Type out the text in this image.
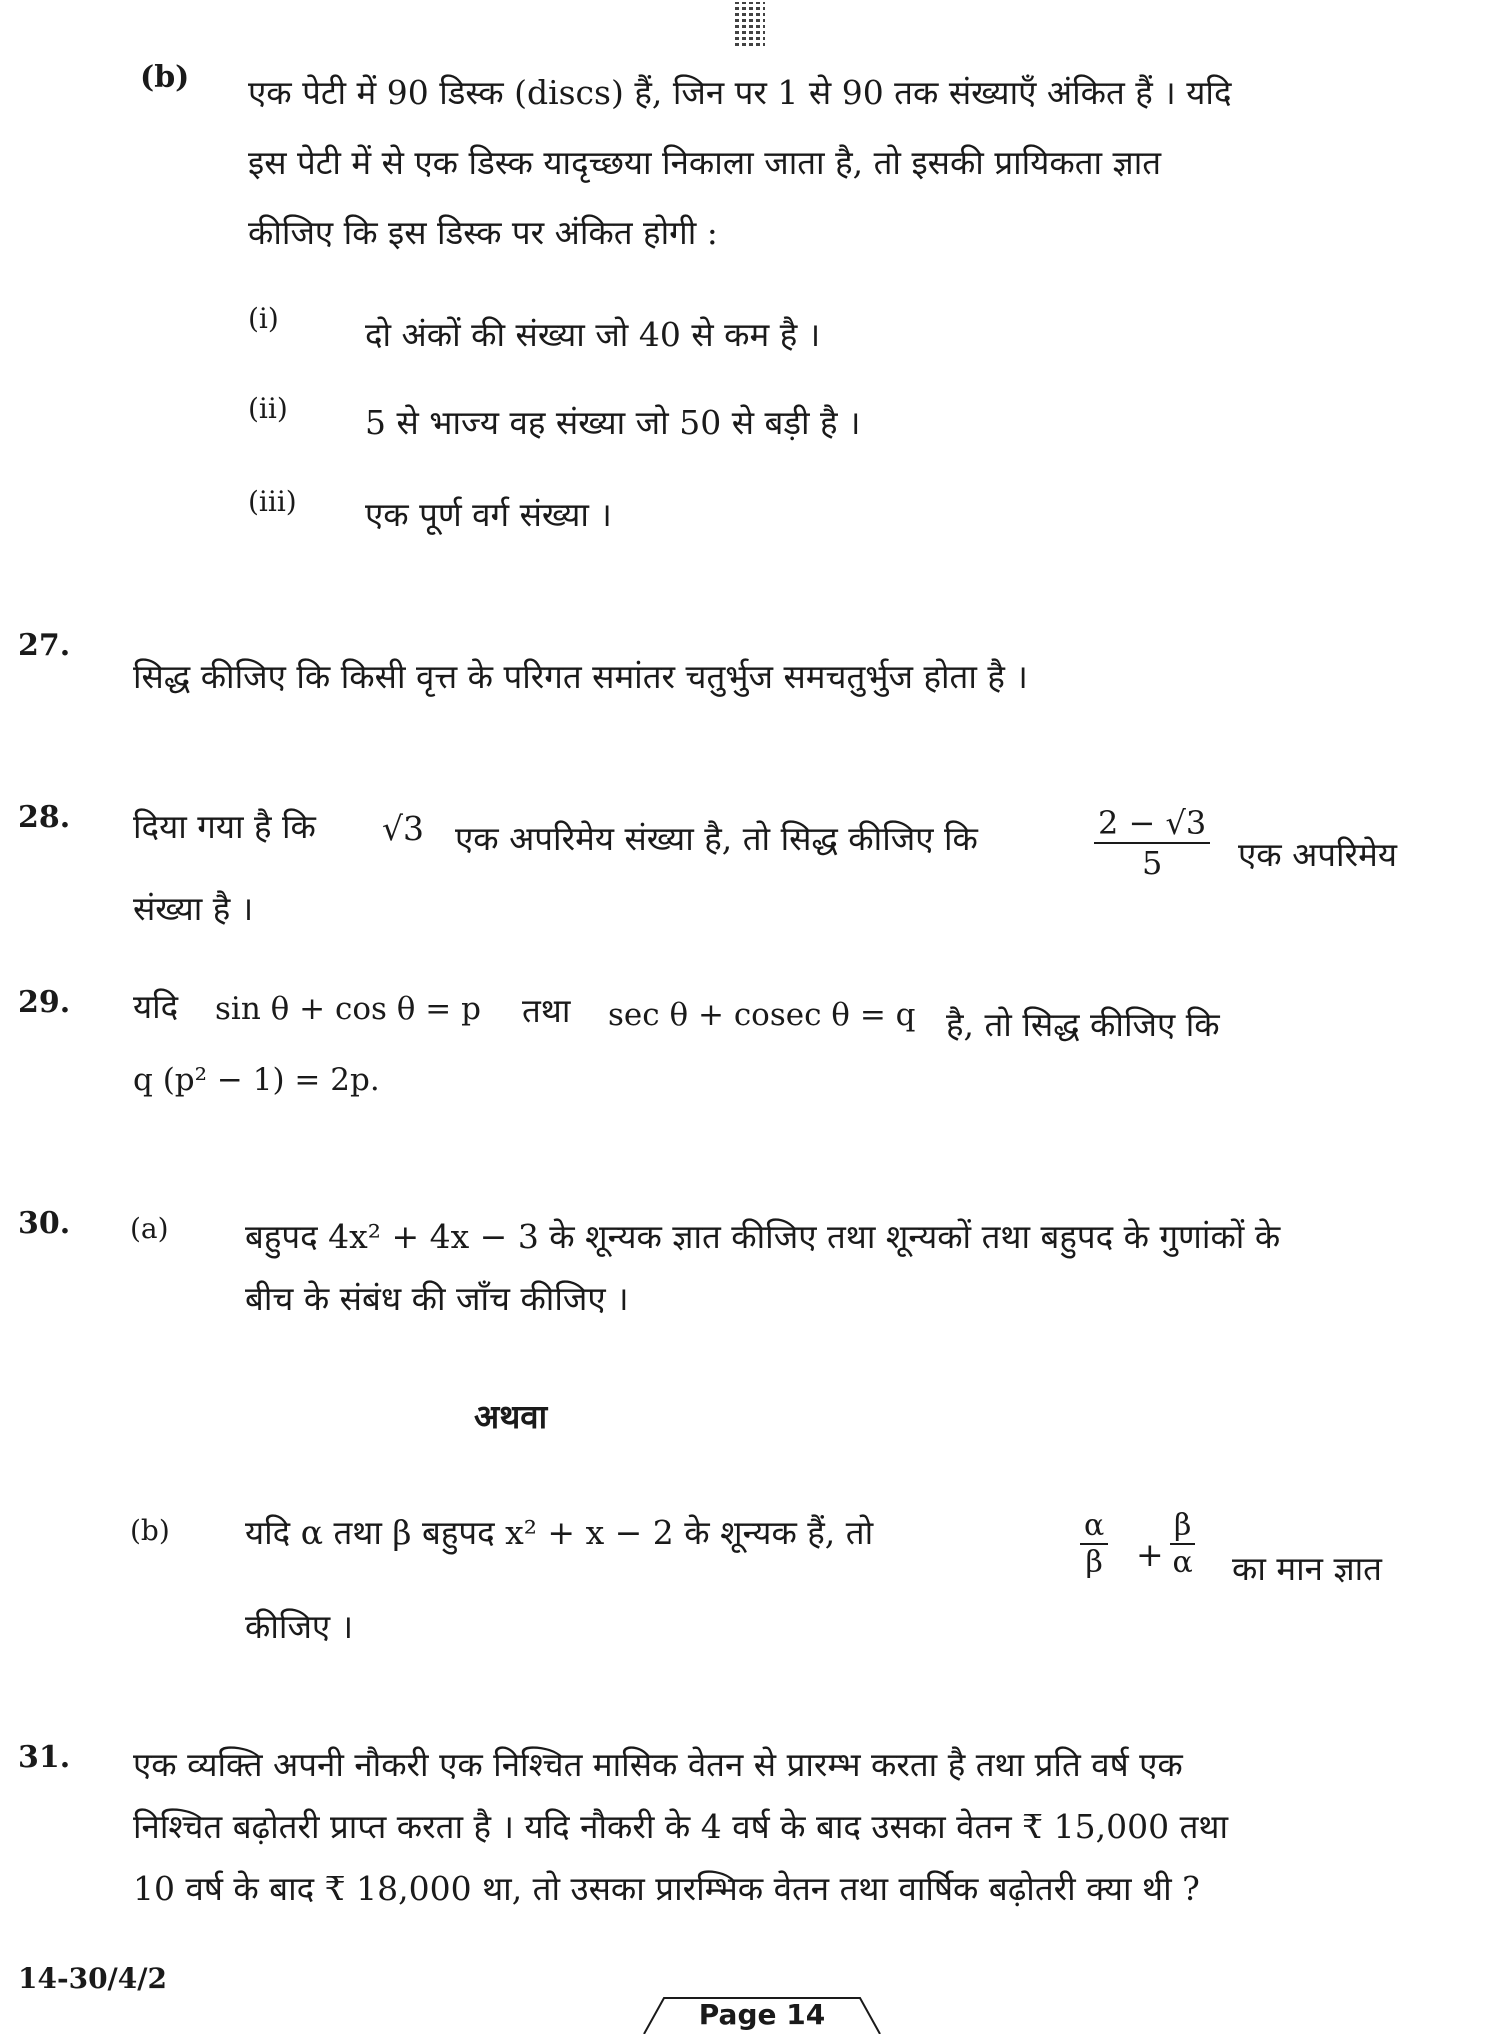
(b) एक पेटी में 90 डिस्क (discs) हैं, जिन पर 1 से 90 तक संख्याएँ अंकित हैं । यदि
इस पेटी में से एक डिस्क यादृच्छया निकाला जाता है, तो इसकी प्रायिकता ज्ञात
कीजिए कि इस डिस्क पर अंकित होगी :
(i)	दो अंकों की संख्या जो 40 से कम है ।
(ii) 5 से भाज्य वह संख्या जो 50 से बड़ी है ।
(iii) एक पूर्ण वर्ग संख्या ।
27.
सिद्ध कीजिए कि किसी वृत्त के परिगत समांतर चतुर्भुज समचतुर्भुज होता है ।
28. दिया गया है कि √3 एक अपरिमेय संख्या है, तो सिद्ध कीजिए कि	$\frac{2 - √3}{5}$ एक अपरिमेय
संख्या है ।
29. यदि sin θ + cos θ = p तथा sec θ + cosec θ = q है, तो सिद्ध कीजिए कि
q (p² − 1) = 2p.
30. (a) बहुपद 4x² + 4x − 3 के शून्यक ज्ञात कीजिए तथा शून्यकों तथा बहुपद के गुणांकों के
बीच के संबंध की जाँच कीजिए ।
अथवा
(b) यदि α तथा β बहुपद x² + x − 2 के शून्यक हैं, तो	$\frac{\alpha}{\beta} + \frac{\beta}{\alpha}$ का मान ज्ञात
कीजिए ।
31. एक व्यक्ति अपनी नौकरी एक निश्चित मासिक वेतन से प्रारम्भ करता है तथा प्रति वर्ष एक
निश्चित बढ़ोतरी प्राप्त करता है । यदि नौकरी के 4 वर्ष के बाद उसका वेतन ₹ 15,000 तथा
10 वर्ष के बाद ₹ 18,000 था, तो उसका प्रारम्भिक वेतन तथा वार्षिक बढ़ोतरी क्या थी ?
14-30/4/2
Page 14
